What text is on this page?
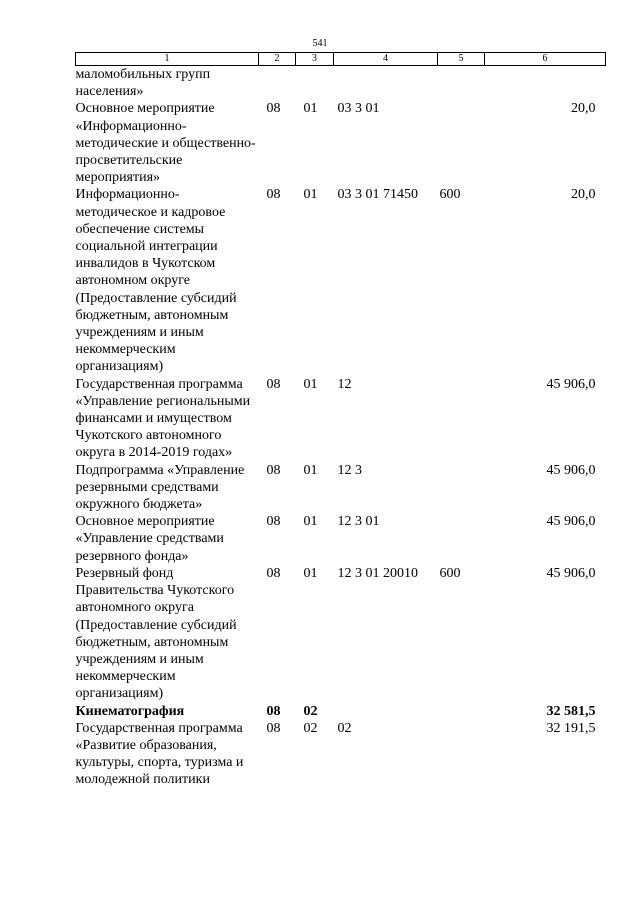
541
1	2	3	4	5	6
маломобильных групп населения»					
Основное мероприятие «Информационно-методические и общественно-просветительские мероприятия»	08	01	03 3 01		20,0
Информационно-методическое и кадровое обеспечение системы социальной интеграции инвалидов в Чукотском автономном округе (Предоставление субсидий бюджетным, автономным учреждениям и иным некоммерческим организациям)	08	01	03 3 01 71450	600	20,0
Государственная программа «Управление региональными финансами и имуществом Чукотского автономного округа в 2014-2019 годах»	08	01	12		45 906,0
Подпрограмма «Управление резервными средствами окружного бюджета»	08	01	12 3		45 906,0
Основное мероприятие «Управление средствами резервного фонда»	08	01	12 3 01		45 906,0
Резервный фонд Правительства Чукотского автономного округа (Предоставление субсидий бюджетным, автономным учреждениям и иным некоммерческим организациям)	08	01	12 3 01 20010	600	45 906,0
Кинематография	08	02			32 581,5
Государственная программа «Развитие образования, культуры, спорта, туризма и молодежной политики	08	02	02		32 191,5
